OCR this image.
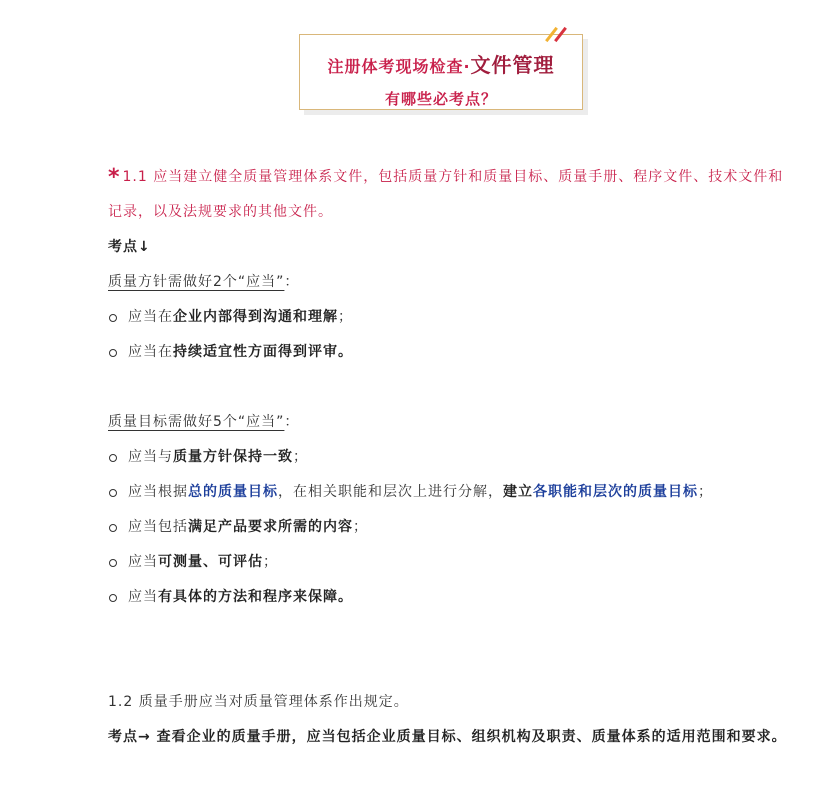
注册体考现场检查·文件管理
有哪些必考点？
* 1.1 应当建立健全质量管理体系文件，包括质量方针和质量目标、质量手册、程序文件、技术文件和记录，以及法规要求的其他文件。
考点↓
质量方针需做好2个“应当”：
应当在企业内部得到沟通和理解；
应当在持续适宜性方面得到评审。
质量目标需做好5个“应当”：
应当与质量方针保持一致；
应当根据总的质量目标，在相关职能和层次上进行分解，建立各职能和层次的质量目标；
应当包括满足产品要求所需的内容；
应当可测量、可评估；
应当有具体的方法和程序来保障。
1.2 质量手册应当对质量管理体系作出规定。
考点→ 查看企业的质量手册，应当包括企业质量目标、组织机构及职责、质量体系的适用范围和要求。
